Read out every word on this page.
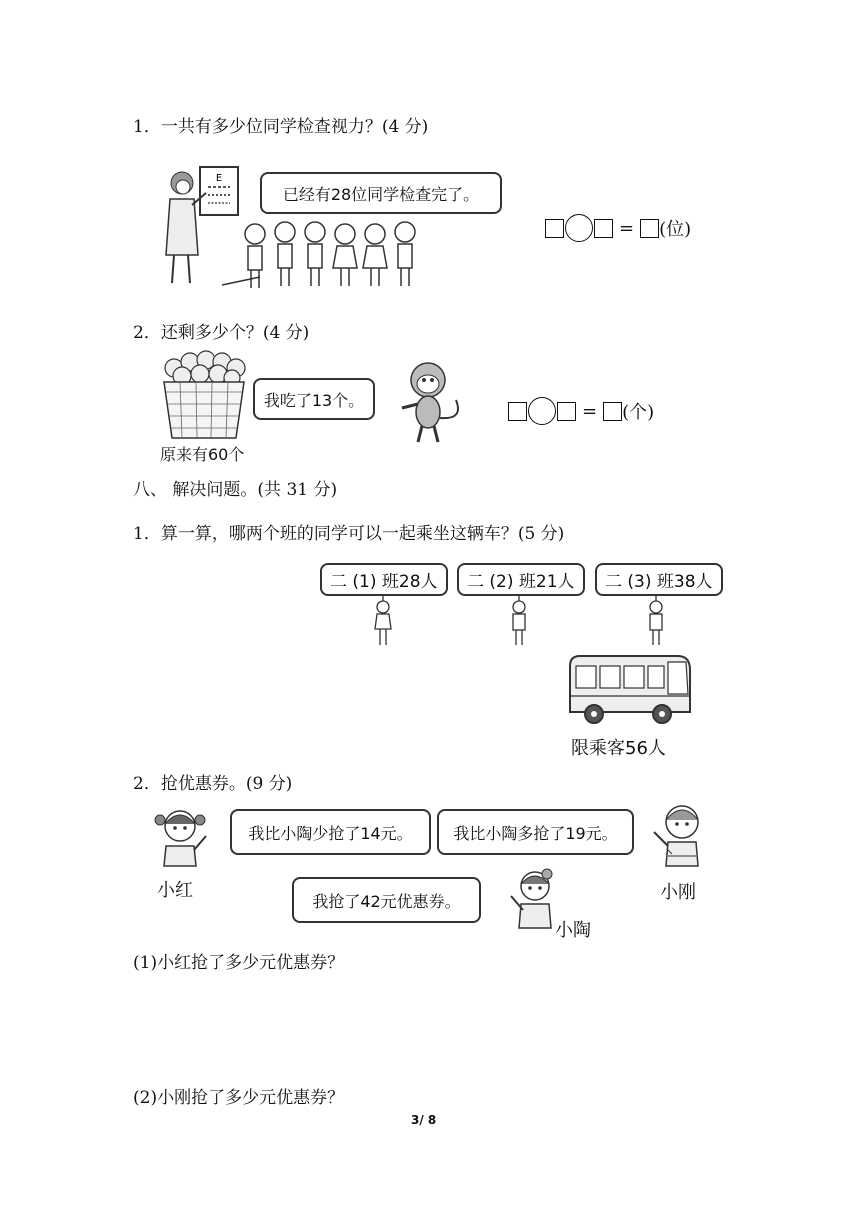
1．一共有多少位同学检查视力？(4 分)
E
已经有28位同学检查完了。
= (位)
2．还剩多少个？(4 分)
原来有60个
我吃了13个。
= (个)
八、 解决问题。(共 31 分)
1．算一算，哪两个班的同学可以一起乘坐这辆车？(5 分)
二 (1) 班28人	二 (2) 班21人	二 (3) 班38人
限乘客56人
2．抢优惠券。(9 分)
小红
我比小陶少抢了14元。	我比小陶多抢了19元。
小刚
我抢了42元优惠券。
小陶
(1)小红抢了多少元优惠券？
(2)小刚抢了多少元优惠券？
3/ 8
